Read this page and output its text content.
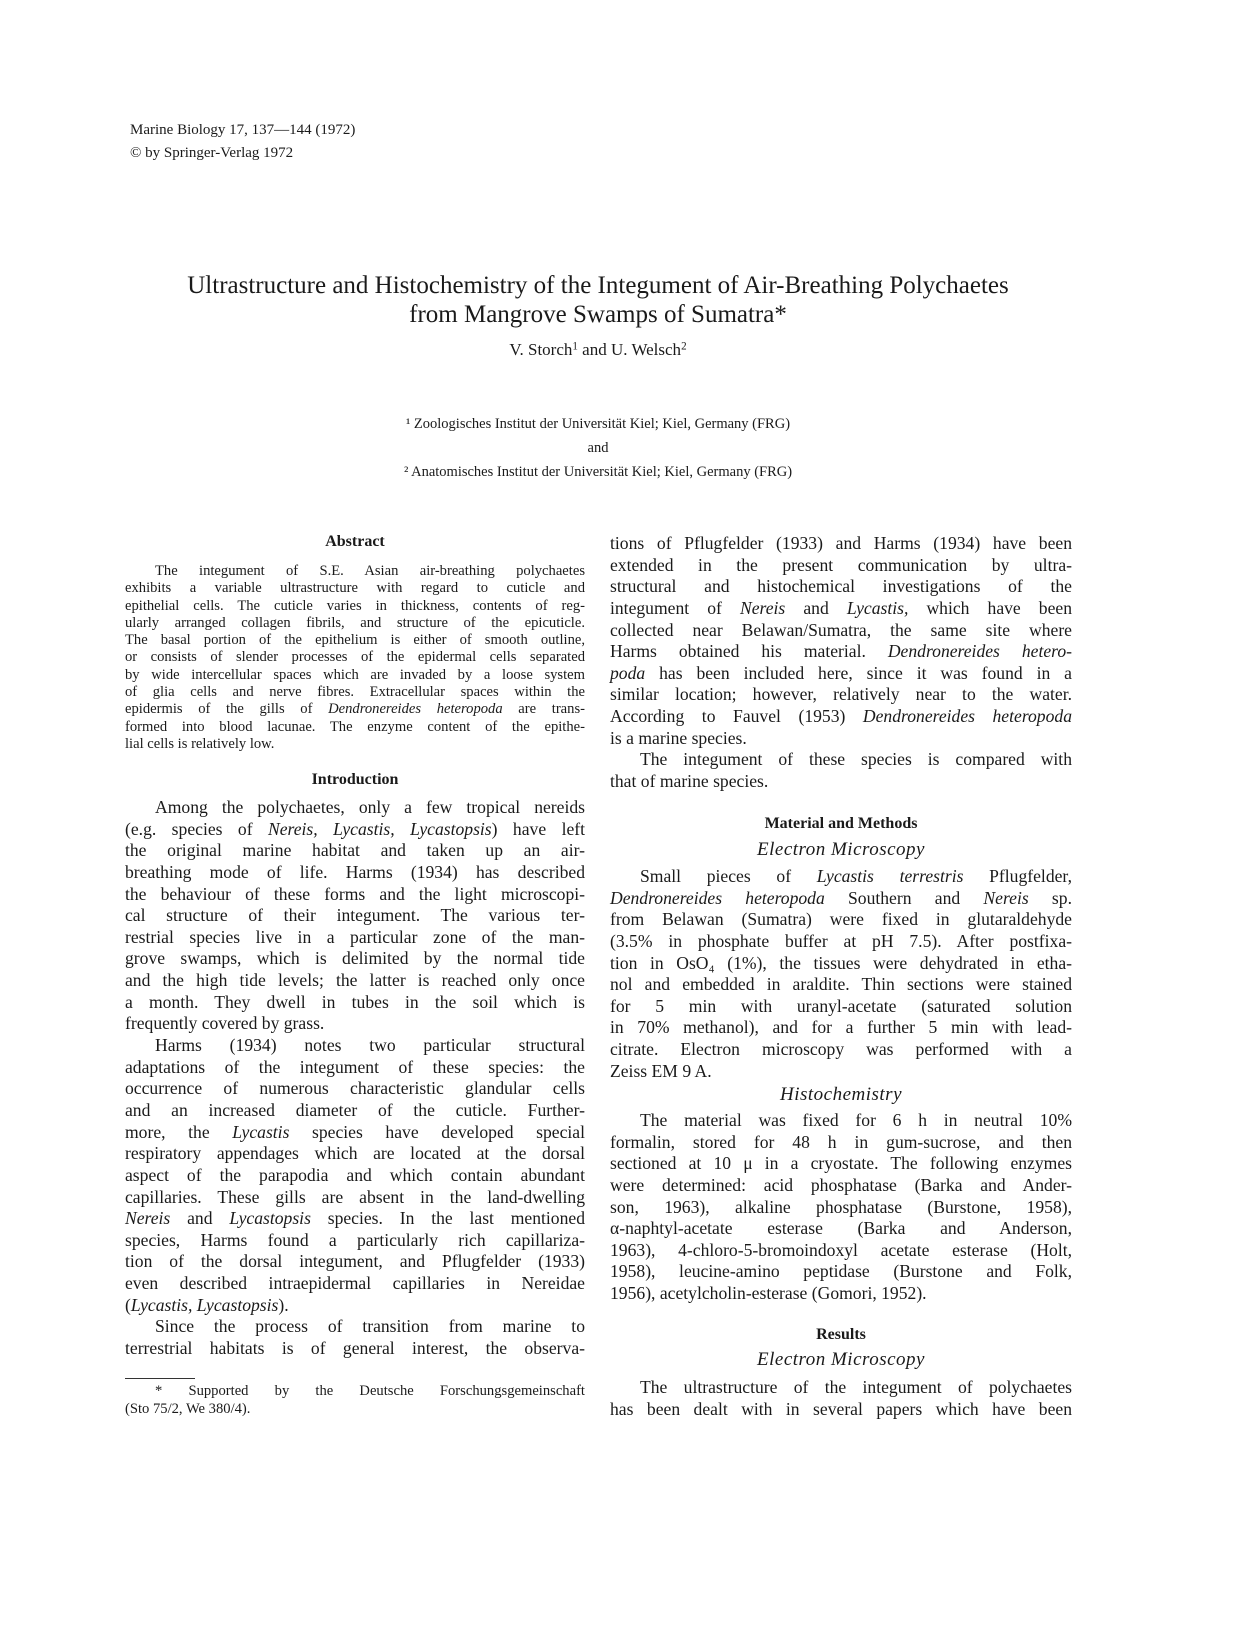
Marine Biology 17, 137—144 (1972)
© by Springer-Verlag 1972
Ultrastructure and Histochemistry of the Integument of Air-Breathing Polychaetes
from Mangrove Swamps of Sumatra*
V. Storch$^1$ and U. Welsch$^2$
¹ Zoologisches Institut der Universität Kiel; Kiel, Germany (FRG)
and
² Anatomisches Institut der Universität Kiel; Kiel, Germany (FRG)
Abstract
The integument of S.E. Asian air-breathing polychaetes
exhibits a variable ultrastructure with regard to cuticle and
epithelial cells. The cuticle varies in thickness, contents of reg-
ularly arranged collagen fibrils, and structure of the epicuticle.
The basal portion of the epithelium is either of smooth outline,
or consists of slender processes of the epidermal cells separated
by wide intercellular spaces which are invaded by a loose system
of glia cells and nerve fibres. Extracellular spaces within the
epidermis of the gills of Dendronereides heteropoda are trans-
formed into blood lacunae. The enzyme content of the epithe-
lial cells is relatively low.
Introduction
Among the polychaetes, only a few tropical nereids
(e.g. species of Nereis, Lycastis, Lycastopsis) have left
the original marine habitat and taken up an air-
breathing mode of life. Harms (1934) has described
the behaviour of these forms and the light microscopi-
cal structure of their integument. The various ter-
restrial species live in a particular zone of the man-
grove swamps, which is delimited by the normal tide
and the high tide levels; the latter is reached only once
a month. They dwell in tubes in the soil which is
frequently covered by grass.
Harms (1934) notes two particular structural
adaptations of the integument of these species: the
occurrence of numerous characteristic glandular cells
and an increased diameter of the cuticle. Further-
more, the Lycastis species have developed special
respiratory appendages which are located at the dorsal
aspect of the parapodia and which contain abundant
capillaries. These gills are absent in the land-dwelling
Nereis and Lycastopsis species. In the last mentioned
species, Harms found a particularly rich capillariza-
tion of the dorsal integument, and Pflugfelder (1933)
even described intraepidermal capillaries in Nereidae
(Lycastis, Lycastopsis).
Since the process of transition from marine to
terrestrial habitats is of general interest, the observa-
* Supported by the Deutsche Forschungsgemeinschaft
(Sto 75/2, We 380/4).
tions of Pflugfelder (1933) and Harms (1934) have been
extended in the present communication by ultra-
structural and histochemical investigations of the
integument of Nereis and Lycastis, which have been
collected near Belawan/Sumatra, the same site where
Harms obtained his material. Dendronereides hetero-
poda has been included here, since it was found in a
similar location; however, relatively near to the water.
According to Fauvel (1953) Dendronereides heteropoda
is a marine species.
The integument of these species is compared with
that of marine species.
Material and Methods
Electron Microscopy
Small pieces of Lycastis terrestris Pflugfelder,
Dendronereides heteropoda Southern and Nereis sp.
from Belawan (Sumatra) were fixed in glutaraldehyde
(3.5% in phosphate buffer at pH 7.5). After postfixa-
tion in OsO₄ (1%), the tissues were dehydrated in etha-
nol and embedded in araldite. Thin sections were stained
for 5 min with uranyl-acetate (saturated solution
in 70% methanol), and for a further 5 min with lead-
citrate. Electron microscopy was performed with a
Zeiss EM 9 A.
Histochemistry
The material was fixed for 6 h in neutral 10%
formalin, stored for 48 h in gum-sucrose, and then
sectioned at 10 μ in a cryostate. The following enzymes
were determined: acid phosphatase (Barka and Ander-
son, 1963), alkaline phosphatase (Burstone, 1958),
α-naphtyl-acetate esterase (Barka and Anderson,
1963), 4-chloro-5-bromoindoxyl acetate esterase (Holt,
1958), leucine-amino peptidase (Burstone and Folk,
1956), acetylcholin-esterase (Gomori, 1952).
Results
Electron Microscopy
The ultrastructure of the integument of polychaetes
has been dealt with in several papers which have been
